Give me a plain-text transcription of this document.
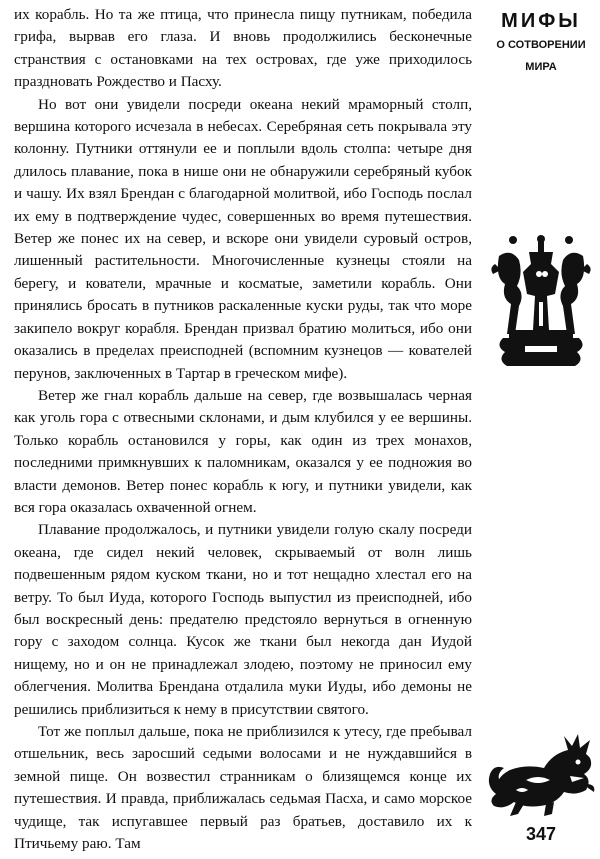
их корабль. Но та же птица, что принесла пищу путникам, победила грифа, вырвав его глаза. И вновь продолжились бесконечные странствия с остановками на тех островах, где уже приходилось праздновать Рождество и Пасху.

Но вот они увидели посреди океана некий мраморный столп, вершина которого исчезала в небесах. Серебряная сеть покрывала эту колонну. Путники оттянули ее и поплыли вдоль столпа: четыре дня длилось плавание, пока в нише они не обнаружили серебряный кубок и чашу. Их взял Брендан с благодарной молитвой, ибо Господь послал их ему в подтверждение чудес, совершенных во время путешествия. Ветер же понес их на север, и вскоре они увидели суровый остров, лишенный растительности. Многочисленные кузнецы стояли на берегу, и кователи, мрачные и косматые, заметили корабль. Они принялись бросать в путников раскаленные куски руды, так что море закипело вокруг корабля. Брендан призвал братию молиться, ибо они оказались в пределах преисподней (вспомним кузнецов — кователей перунов, заключенных в Тартар в греческом мифе).

Ветер же гнал корабль дальше на север, где возвышалась черная как уголь гора с отвесными склонами, и дым клубился у ее вершины. Только корабль остановился у горы, как один из трех монахов, последними примкнувших к паломникам, оказался у ее подножия во власти демонов. Ветер понес корабль к югу, и путники увидели, как вся гора оказалась охваченной огнем.

Плавание продолжалось, и путники увидели голую скалу посреди океана, где сидел некий человек, скрываемый от волн лишь подвешенным рядом куском ткани, но и тот нещадно хлестал его на ветру. То был Иуда, которого Господь выпустил из преисподней, ибо был воскресный день: предателю предстояло вернуться в огненную гору с заходом солнца. Кусок же ткани был некогда дан Иудой нищему, но и он не принадлежал злодею, поэтому не приносил ему облегчения. Молитва Брендана отдалила муки Иуды, ибо демоны не решились приблизиться к нему в присутствии святого.

Тот же поплыл дальше, пока не приблизился к утесу, где пребывал отшельник, весь заросший седыми волосами и не нуждавшийся в земной пище. Он возвестил странникам о близящемся конце их путешествия. И правда, приближалась седьмая Пасха, и само морское чудище, так испугавшее первый раз братьев, доставило их к Птичьему раю. Там

МИФЫ
О СОТВОРЕНИИ
МИРА
347
